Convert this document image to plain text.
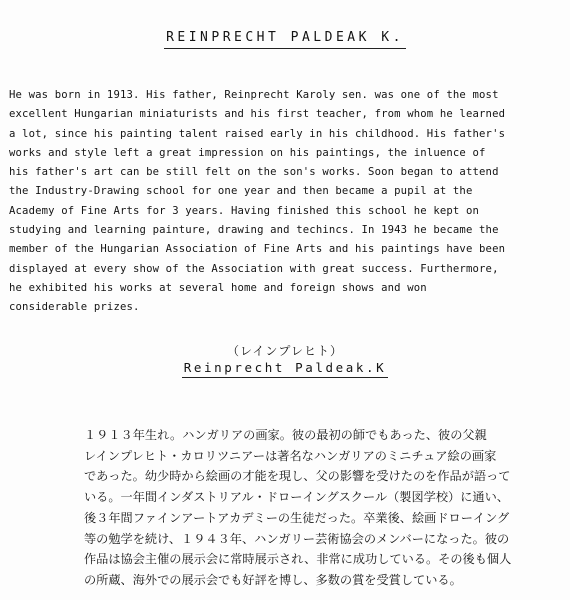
REINPRECHT PALDEAK K.
He was born in 1913. His father, Reinprecht Karoly sen. was one of the most
excellent Hungarian miniaturists and his first teacher, from whom he learned
a lot, since his painting talent raised early in his childhood. His father's
works and style left a great impression on his paintings, the inluence of
his father's art can be still felt on the son's works. Soon began to attend
the Industry-Drawing school for one year and then became a pupil at the
Academy of Fine Arts for 3 years. Having finished this school he kept on
studying and learning painture, drawing and techincs. In 1943 he became the
member of the Hungarian Association of Fine Arts and his paintings have been
displayed at every show of the Association with great success. Furthermore,
he exhibited his works at several home and foreign shows and won
considerable prizes.
（レインプレヒト）
Reinprecht Paldeak.K
１９１３年生れ。ハンガリアの画家。彼の最初の師でもあった、彼の父親
レインプレヒト・カロリツニアーは著名なハンガリアのミニチュア絵の画家
であった。幼少時から絵画の才能を現し、父の影響を受けたのを作品が語って
いる。一年間インダストリアル・ドローイングスクール（製図学校）に通い、
後３年間ファインアートアカデミーの生徒だった。卒業後、絵画ドローイング
等の勉学を続け、１９４３年、ハンガリー芸術協会のメンバーになった。彼の
作品は協会主催の展示会に常時展示され、非常に成功している。その後も個人
の所蔵、海外での展示会でも好評を博し、多数の賞を受賞している。
